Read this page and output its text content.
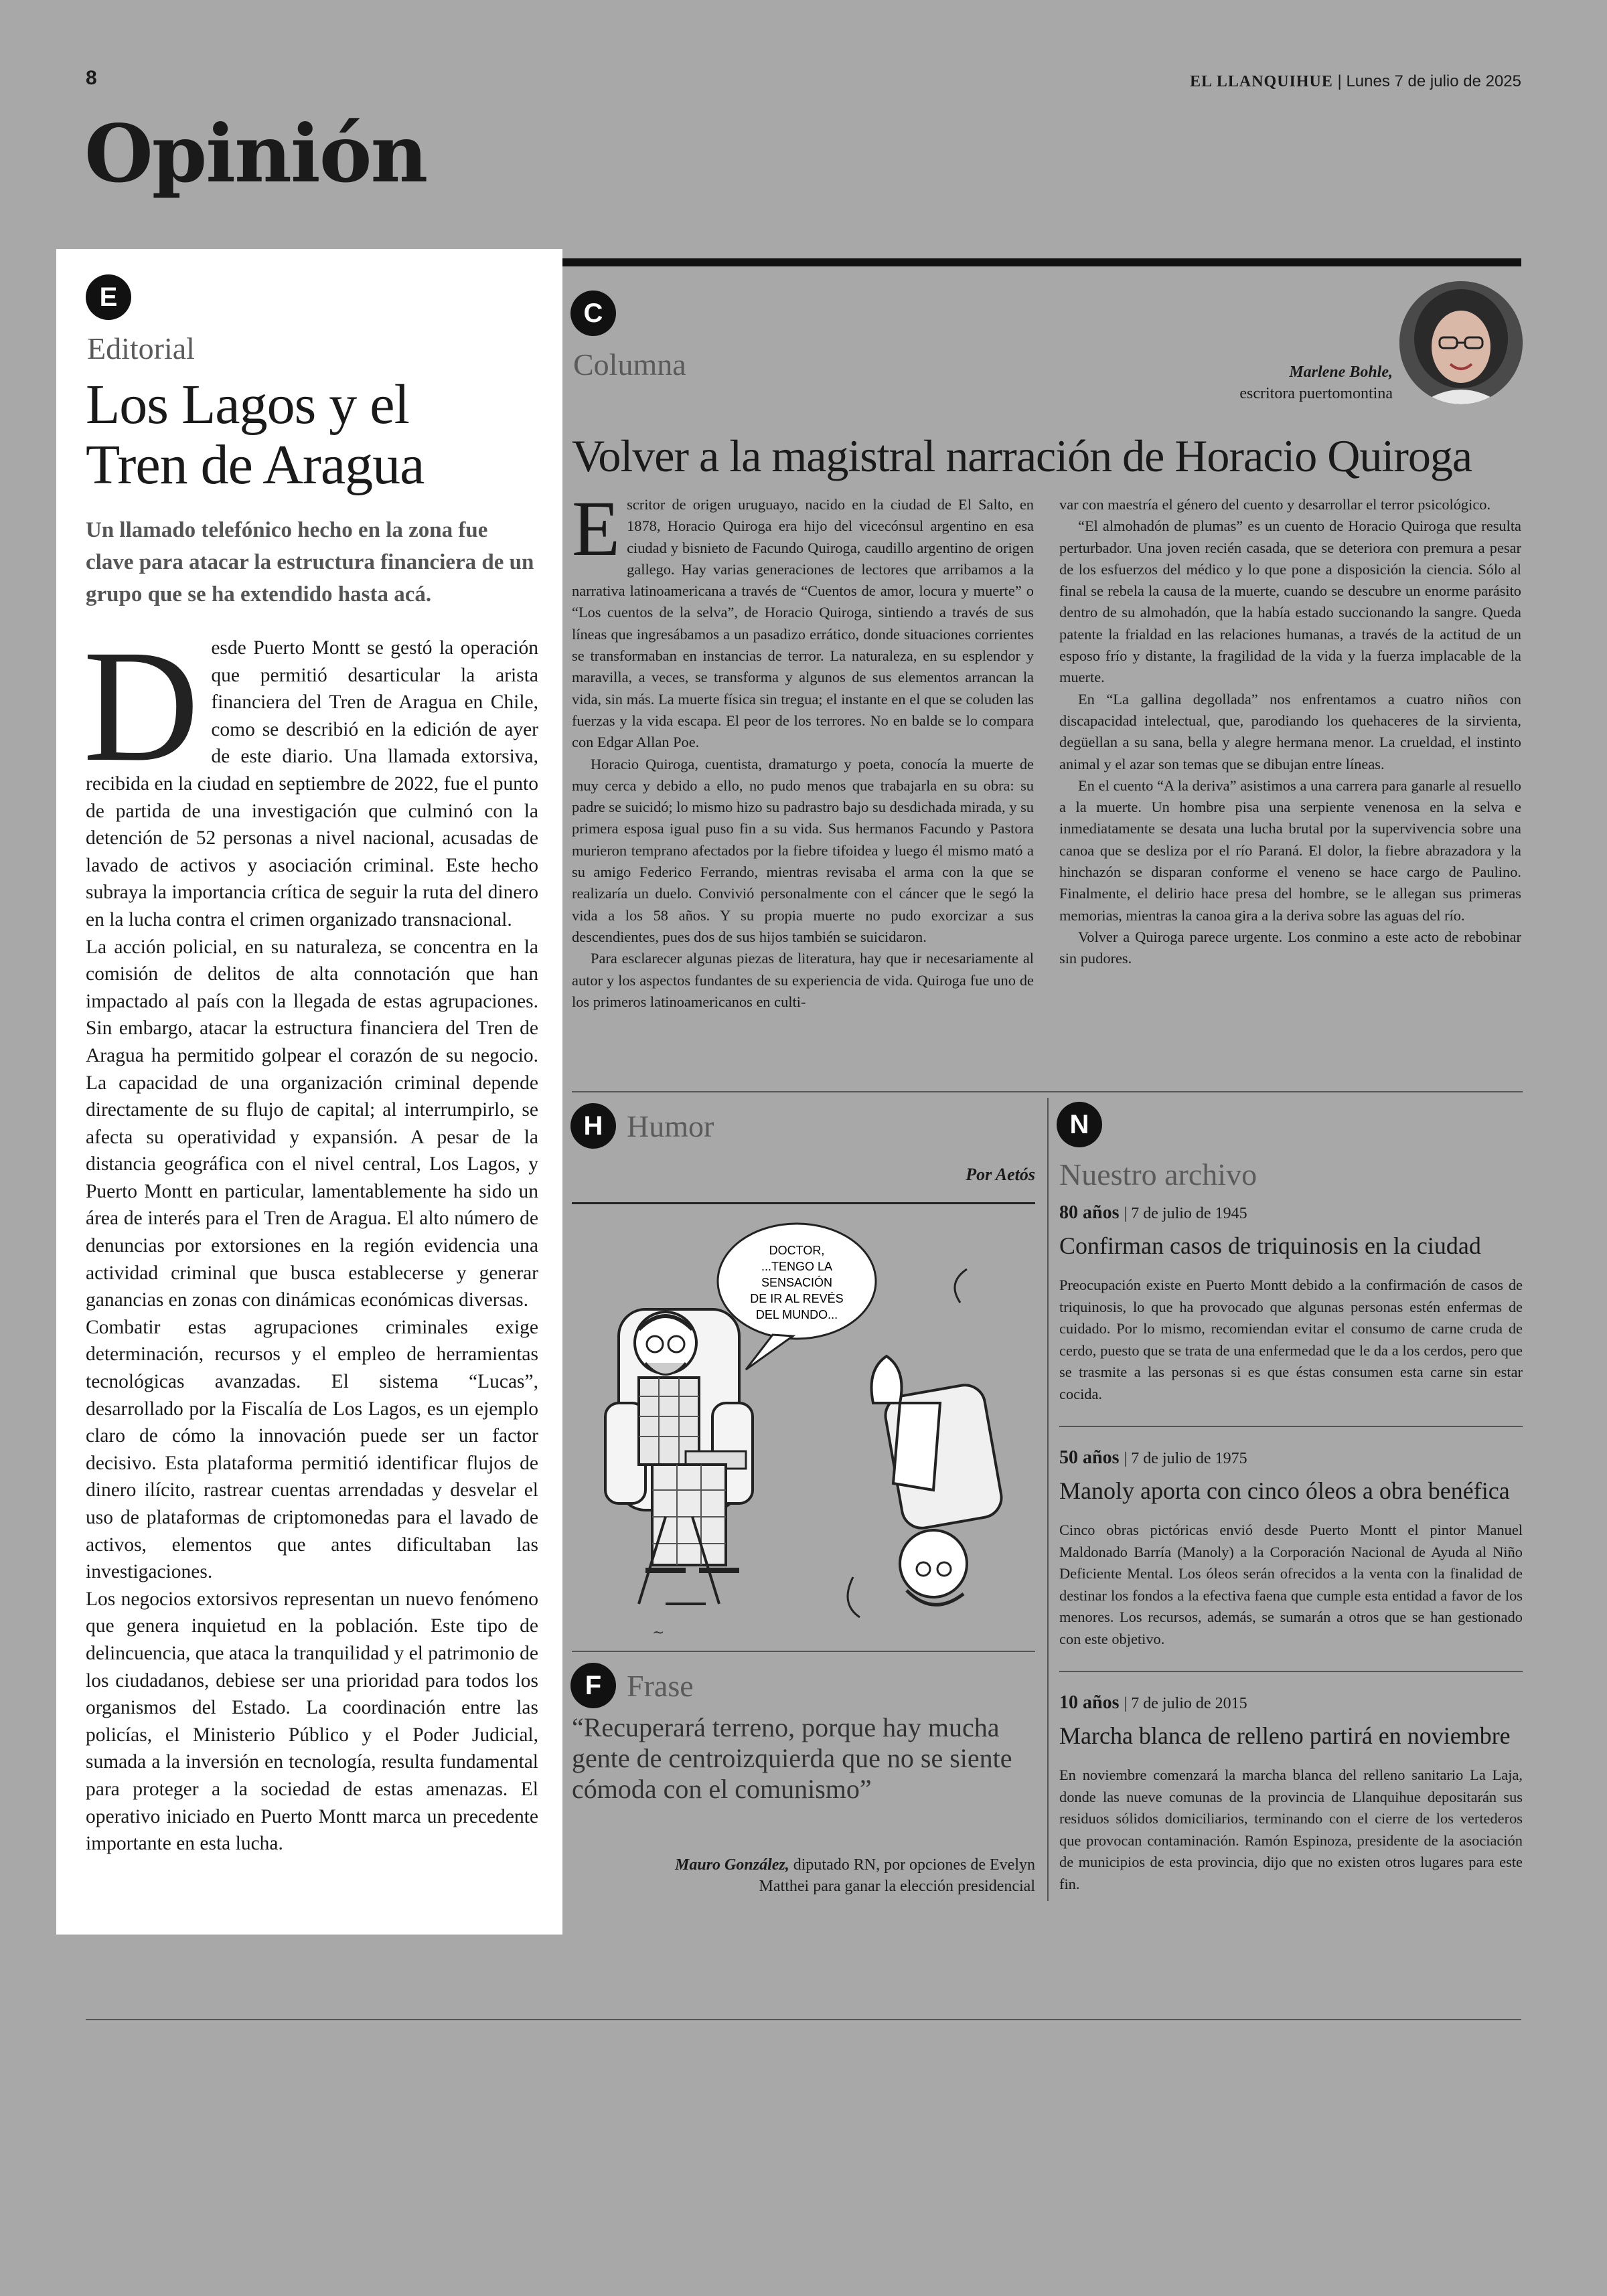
8	EL LLANQUIHUE | Lunes 7 de julio de 2025
Opinión
E
Editorial
Los Lagos y el
Tren de Aragua
Un llamado telefónico hecho en la zona fue clave para atacar la estructura financiera de un grupo que se ha extendido hasta acá.

Desde Puerto Montt se gestó la operación que permitió desarticular la arista financiera del Tren de Aragua en Chile, como se describió en la edición de ayer de este diario. Una llamada extorsiva, recibida en la ciudad en septiembre de 2022, fue el punto de partida de una investigación que culminó con la detención de 52 personas a nivel nacional, acusadas de lavado de activos y asociación criminal. Este hecho subraya la importancia crítica de seguir la ruta del dinero en la lucha contra el crimen organizado transnacional.

La acción policial, en su naturaleza, se concentra en la comisión de delitos de alta connotación que han impactado al país con la llegada de estas agrupaciones. Sin embargo, atacar la estructura financiera del Tren de Aragua ha permitido golpear el corazón de su negocio. La capacidad de una organización criminal depende directamente de su flujo de capital; al interrumpirlo, se afecta su operatividad y expansión. A pesar de la distancia geográfica con el nivel central, Los Lagos, y Puerto Montt en particular, lamentablemente ha sido un área de interés para el Tren de Aragua. El alto número de denuncias por extorsiones en la región evidencia una actividad criminal que busca establecerse y generar ganancias en zonas con dinámicas económicas diversas.

Combatir estas agrupaciones criminales exige determinación, recursos y el empleo de herramientas tecnológicas avanzadas. El sistema “Lucas”, desarrollado por la Fiscalía de Los Lagos, es un ejemplo claro de cómo la innovación puede ser un factor decisivo. Esta plataforma permitió identificar flujos de dinero ilícito, rastrear cuentas arrendadas y desvelar el uso de plataformas de criptomonedas para el lavado de activos, elementos que antes dificultaban las investigaciones.

Los negocios extorsivos representan un nuevo fenómeno que genera inquietud en la población. Este tipo de delincuencia, que ataca la tranquilidad y el patrimonio de los ciudadanos, debiese ser una prioridad para todos los organismos del Estado. La coordinación entre las policías, el Ministerio Público y el Poder Judicial, sumada a la inversión en tecnología, resulta fundamental para proteger a la sociedad de estas amenazas. El operativo iniciado en Puerto Montt marca un precedente importante en esta lucha.

C
Columna	Marlene Bohle,
escritora puertomontina
Volver a la magistral narración de Horacio Quiroga

Escritor de origen uruguayo, nacido en la ciudad de El Salto, en 1878, Horacio Quiroga era hijo del vicecónsul argentino en esa ciudad y bisnieto de Facundo Quiroga, caudillo argentino de origen gallego. Hay varias generaciones de lectores que arribamos a la narrativa latinoamericana a través de “Cuentos de amor, locura y muerte” o “Los cuentos de la selva”, de Horacio Quiroga, sintiendo a través de sus líneas que ingresábamos a un pasadizo errático, donde situaciones corrientes se transformaban en instancias de terror. La naturaleza, en su esplendor y maravilla, a veces, se transforma y algunos de sus elementos arrancan la vida, sin más. La muerte física sin tregua; el instante en el que se coluden las fuerzas y la vida escapa. El peor de los terrores. No en balde se lo compara con Edgar Allan Poe.

Horacio Quiroga, cuentista, dramaturgo y poeta, conocía la muerte de muy cerca y debido a ello, no pudo menos que trabajarla en su obra: su padre se suicidó; lo mismo hizo su padrastro bajo su desdichada mirada, y su primera esposa igual puso fin a su vida. Sus hermanos Facundo y Pastora murieron temprano afectados por la fiebre tifoidea y luego él mismo mató a su amigo Federico Ferrando, mientras revisaba el arma con la que se realizaría un duelo. Convivió personalmente con el cáncer que le segó la vida a los 58 años. Y su propia muerte no pudo exorcizar a sus descendientes, pues dos de sus hijos también se suicidaron.

Para esclarecer algunas piezas de literatura, hay que ir necesariamente al autor y los aspectos fundantes de su experiencia de vida. Quiroga fue uno de los primeros latinoamericanos en culti-

var con maestría el género del cuento y desarrollar el terror psicológico.

“El almohadón de plumas” es un cuento de Horacio Quiroga que resulta perturbador. Una joven recién casada, que se deteriora con premura a pesar de los esfuerzos del médico y lo que pone a disposición la ciencia. Sólo al final se rebela la causa de la muerte, cuando se descubre un enorme parásito dentro de su almohadón, que la había estado succionando la sangre. Queda patente la frialdad en las relaciones humanas, a través de la actitud de un esposo frío y distante, la fragilidad de la vida y la fuerza implacable de la muerte.

En “La gallina degollada” nos enfrentamos a cuatro niños con discapacidad intelectual, que, parodiando los quehaceres de la sirvienta, degüellan a su sana, bella y alegre hermana menor. La crueldad, el instinto animal y el azar son temas que se dibujan entre líneas.

En el cuento “A la deriva” asistimos a una carrera para ganarle al resuello a la muerte. Un hombre pisa una serpiente venenosa en la selva e inmediatamente se desata una lucha brutal por la supervivencia sobre una canoa que se desliza por el río Paraná. El dolor, la fiebre abrazadora y la hinchazón se disparan conforme el veneno se hace cargo de Paulino. Finalmente, el delirio hace presa del hombre, se le allegan sus primeras memorias, mientras la canoa gira a la deriva sobre las aguas del río.

Volver a Quiroga parece urgente. Los conmino a este acto de rebobinar sin pudores.

H Humor
Por Aetós
DOCTOR,
...TENGO LA
SENSACIÓN
DE IR AL REVÉS
DEL MUNDO...
~
F Frase
“Recuperará terreno, porque hay mucha gente de centroizquierda que no se siente cómoda con el comunismo”
Mauro González, diputado RN, por opciones de Evelyn
Matthei para ganar la elección presidencial
N
Nuestro archivo
80 años | 7 de julio de 1945
Confirman casos de triquinosis en la ciudad
Preocupación existe en Puerto Montt debido a la confirmación de casos de triquinosis, lo que ha provocado que algunas personas estén enfermas de cuidado. Por lo mismo, recomiendan evitar el consumo de carne cruda de cerdo, puesto que se trata de una enfermedad que le da a los cerdos, pero que se trasmite a las personas si es que éstas consumen esta carne sin estar cocida.
50 años | 7 de julio de 1975
Manoly aporta con cinco óleos a obra benéfica
Cinco obras pictóricas envió desde Puerto Montt el pintor Manuel Maldonado Barría (Manoly) a la Corporación Nacional de Ayuda al Niño Deficiente Mental. Los óleos serán ofrecidos a la venta con la finalidad de destinar los fondos a la efectiva faena que cumple esta entidad a favor de los menores. Los recursos, además, se sumarán a otros que se han gestionado con este objetivo.
10 años | 7 de julio de 2015
Marcha blanca de relleno partirá en noviembre
En noviembre comenzará la marcha blanca del relleno sanitario La Laja, donde las nueve comunas de la provincia de Llanquihue depositarán sus residuos sólidos domiciliarios, terminando con el cierre de los vertederos que provocan contaminación. Ramón Espinoza, presidente de la asociación de municipios de esta provincia, dijo que no existen otros lugares para este fin.
